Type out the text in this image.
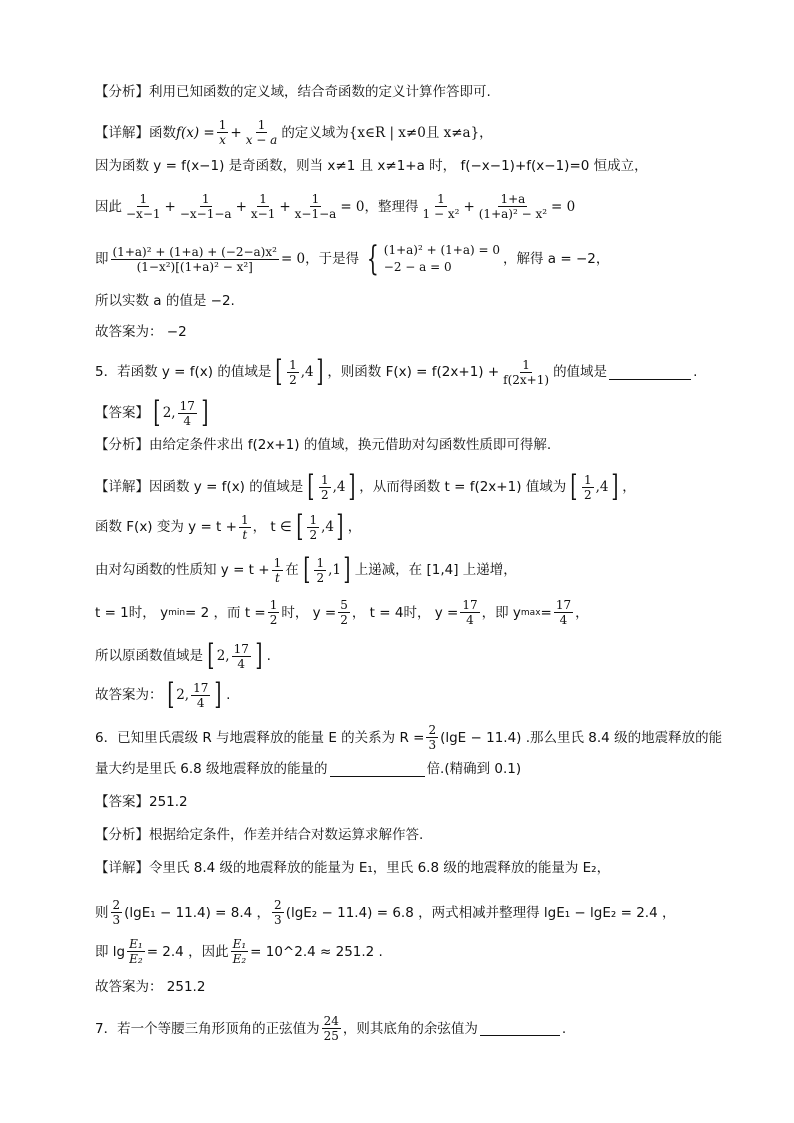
【分析】利用已知函数的定义域，结合奇函数的定义计算作答即可.
【详解】函数 $f(x) = \frac{1}{x} + \frac{1}{x - a}$ 的定义域为 {x∈R | x≠0且 x≠a}，
因为函数 y = f(x−1) 是奇函数，则当 x≠1 且 x≠1+a 时， f(−x−1)+f(x−1)=0 恒成立，
因此 $\frac{1}{-x-1} + \frac{1}{-x-1-a} + \frac{1}{x-1} + \frac{1}{x-1-a} = 0$ ，整理得 $\frac{1}{\text{1 − x²}} + \frac{1+a}{\text{(1+a)² − x²}} = 0$
即 $\frac{\text{(1+a)² + (1+a) + (−2−a)x²}}{\text{(1−x²)[(1+a)² − x²]}} = 0$ ，于是得 { (1+a)² + (1+a) = 0
−2 − a = 0	，解得 a = −2，
所以实数 a 的值是 −2.
故答案为： −2
5．若函数 y = f(x) 的值域是 [ $\frac{1}{2} ,4$ ] ，则函数 $F(x) = f(2x+1) + \frac{1}{f(2x+1)}$ 的值域是	.
【答案】 [ 2, $\frac{17}{4}$ ]
【分析】由给定条件求出 f(2x+1) 的值域，换元借助对勾函数性质即可得解.
【详解】因函数 y = f(x) 的值域是 [ $\frac{1}{2} ,4$ ] ，从而得函数 t = f(2x+1) 值域为 [ $\frac{1}{2} ,4$ ] ，
函数 F(x) 变为 $y = t + \frac{1}{t}$ ， t ∈ [ $\frac{1}{2} ,4$ ] ，
由对勾函数的性质知 $y = t + \frac{1}{t}$ 在 [ $\frac{1}{2} ,1$ ] 上递减，在 [1,4] 上递增，
t = 1时， y min = 2 ，而 $t = \frac{1}{2}$ 时， $y = \frac{5}{2}$ ， t = 4时， $y = \frac{17}{4}$ ，即 y $\max = \frac{17}{4}$ ，
所以原函数值域是 [ 2, $\frac{17}{4}$ ] .
故答案为： [ 2, $\frac{17}{4}$ ] .
6．已知里氏震级 R 与地震释放的能量 E 的关系为 $R = \frac{2}{3} (\lg E - 11.4)$ .那么里氏 8.4 级的地震释放的能
量大约是里氏 6.8 级地震释放的能量的	倍.(精确到 0.1)
【答案】251.2
【分析】根据给定条件，作差并结合对数运算求解作答.
【详解】令里氏 8.4 级的地震释放的能量为 E₁，里氏 6.8 级的地震释放的能量为 E₂，
则 $\frac{2}{3} (\lg E_1 - 11.4) = 8.4$ ， $\frac{2}{3} (\lg E_2 - 11.4) = 6.8$ ，两式相减并整理得 lgE₁ − lgE₂ = 2.4 ，
即 $\lg \frac{\text{E₁}}{\text{E₂}} = 2.4$ ，因此 $\frac{\text{E₁}}{\text{E₂}}$ = 10^2.4 ≈ 251.2 .
故答案为： 251.2
7．若一个等腰三角形顶角的正弦值为 $\frac{24}{25}$ ，则其底角的余弦值为	.
